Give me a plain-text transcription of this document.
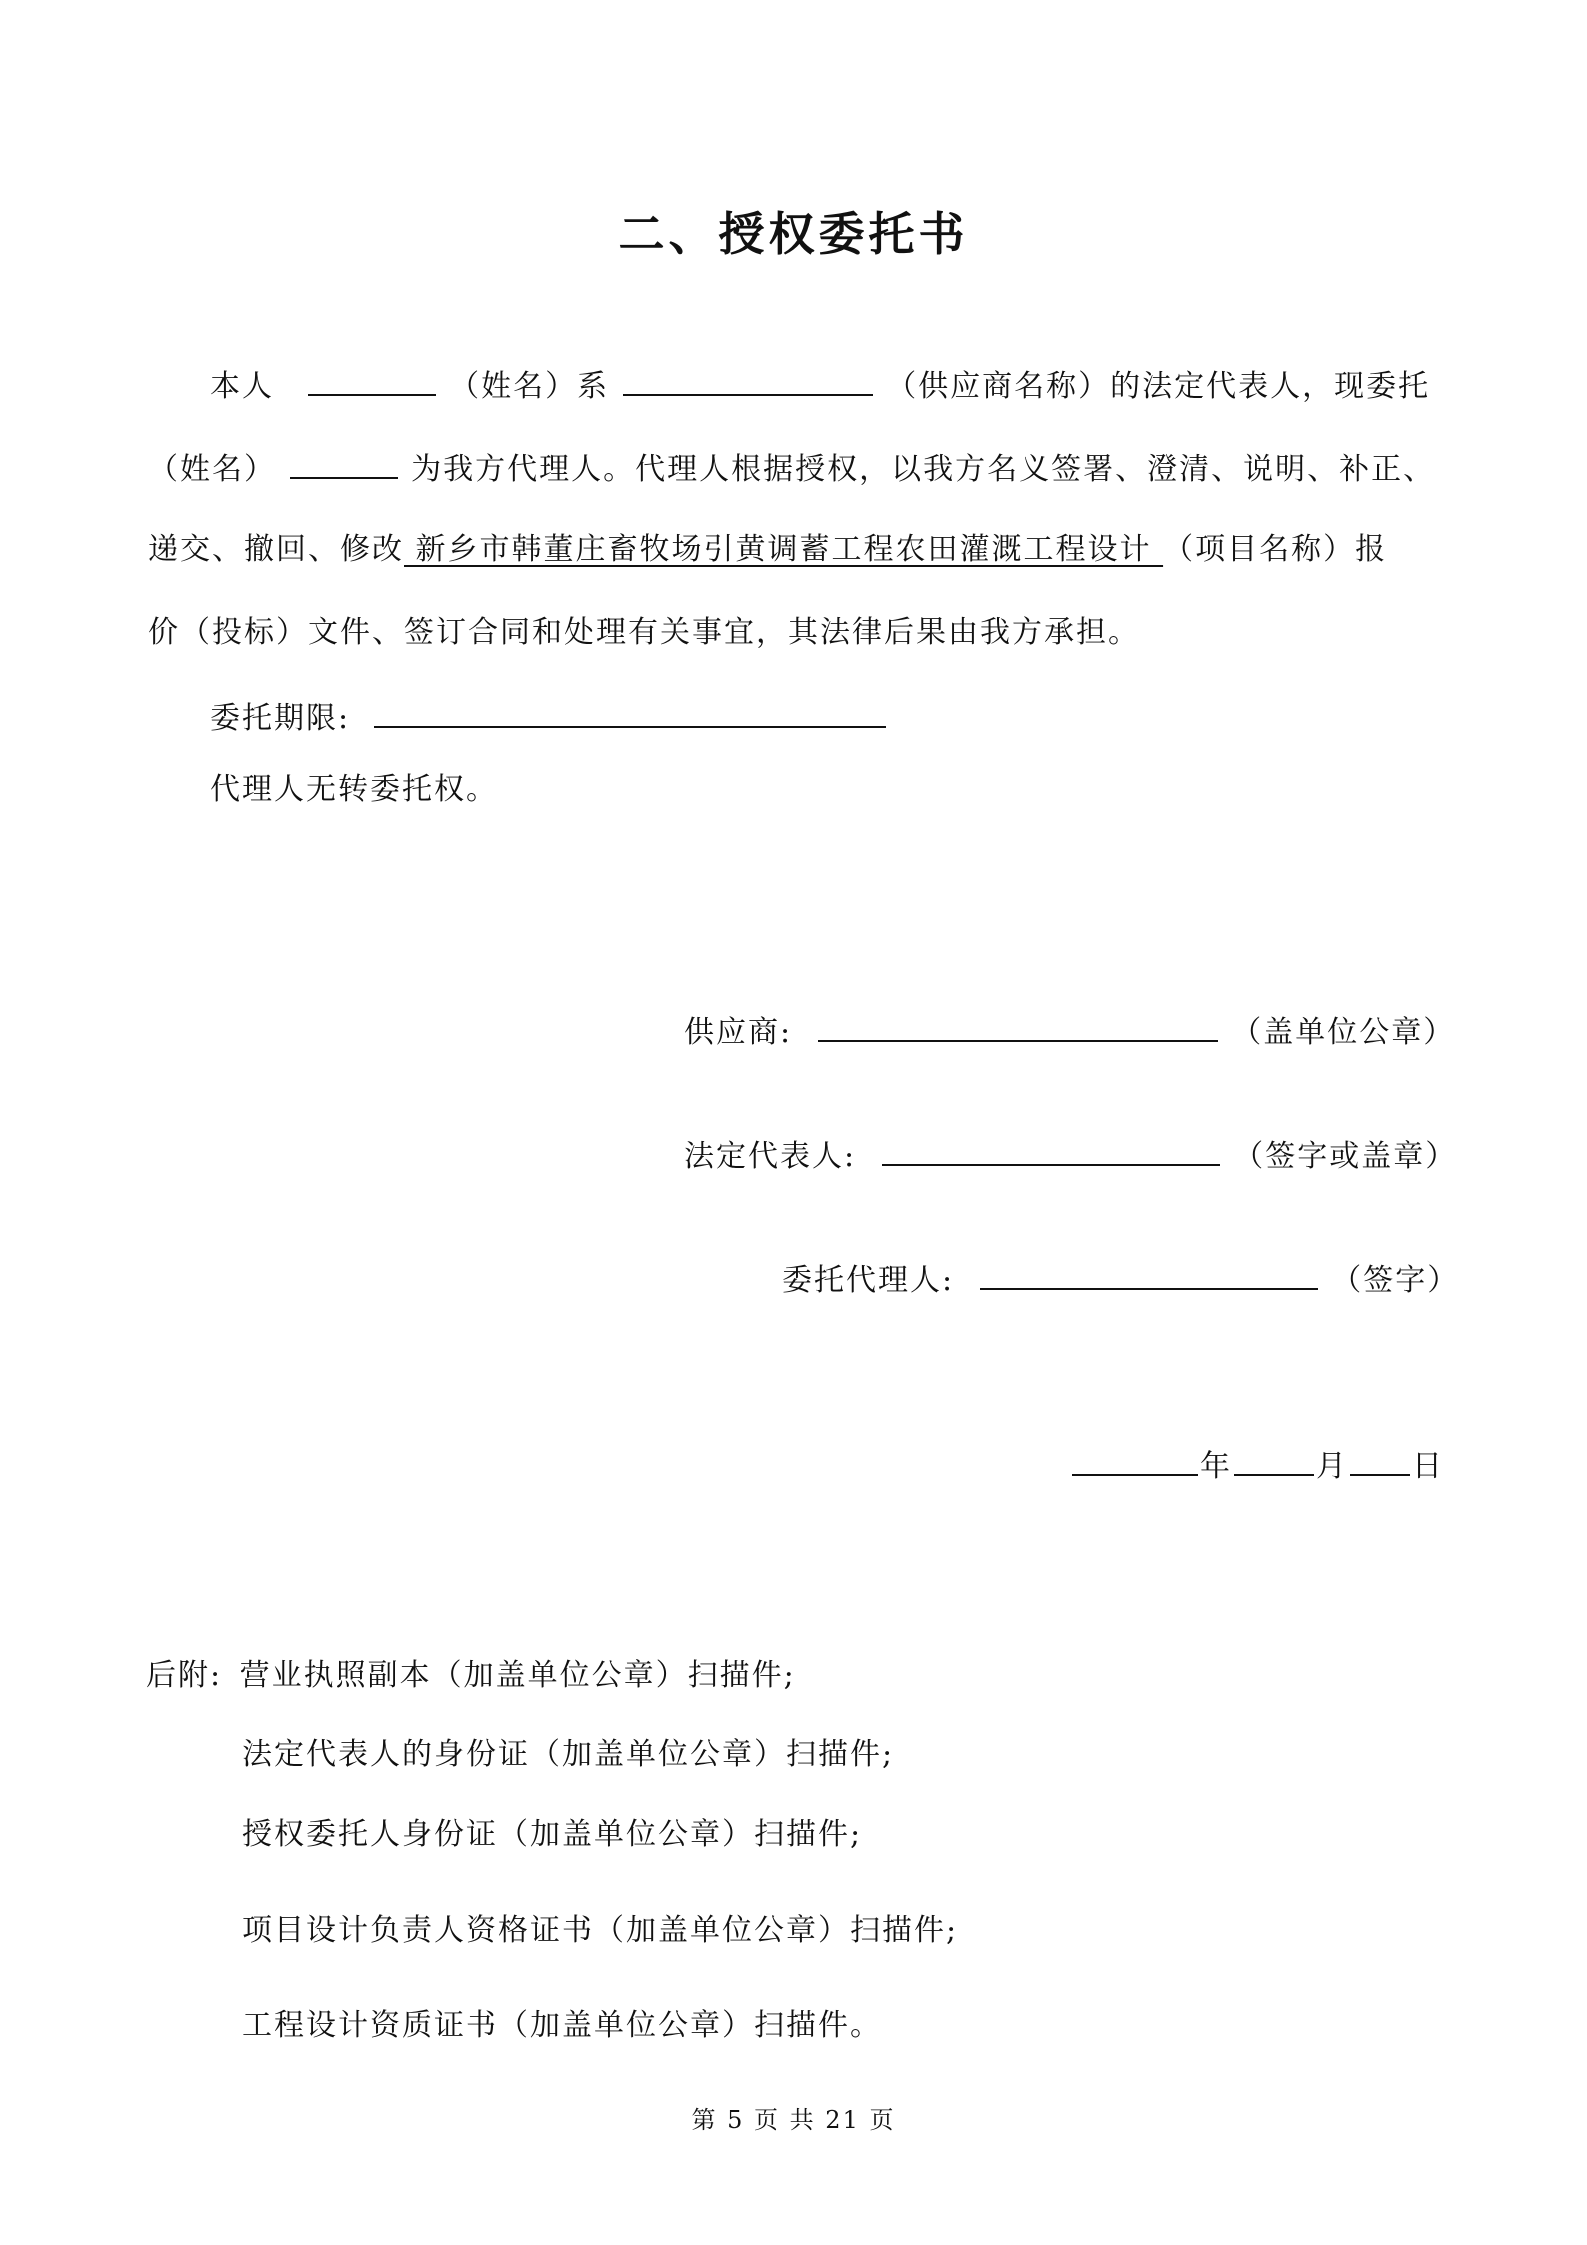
二、授权委托书
本人	（姓名）系	（供应商名称）的法定代表人，现委托
（姓名）	为我方代理人。代理人根据授权，以我方名义签署、澄清、说明、补正、
递交、撤回、修改 新乡市韩董庄畜牧场引黄调蓄工程农田灌溉工程设计 （项目名称）报
价（投标）文件、签订合同和处理有关事宜，其法律后果由我方承担。
委托期限:
代理人无转委托权。
供应商:	（盖单位公章）
法定代表人:	（签字或盖章）
委托代理人:	（签字）
年	月 日
后附: 营业执照副本（加盖单位公章）扫描件;
法定代表人的身份证（加盖单位公章）扫描件;
授权委托人身份证（加盖单位公章）扫描件;
项目设计负责人资格证书（加盖单位公章）扫描件;
工程设计资质证书（加盖单位公章）扫描件。
第 5 页 共 21 页
